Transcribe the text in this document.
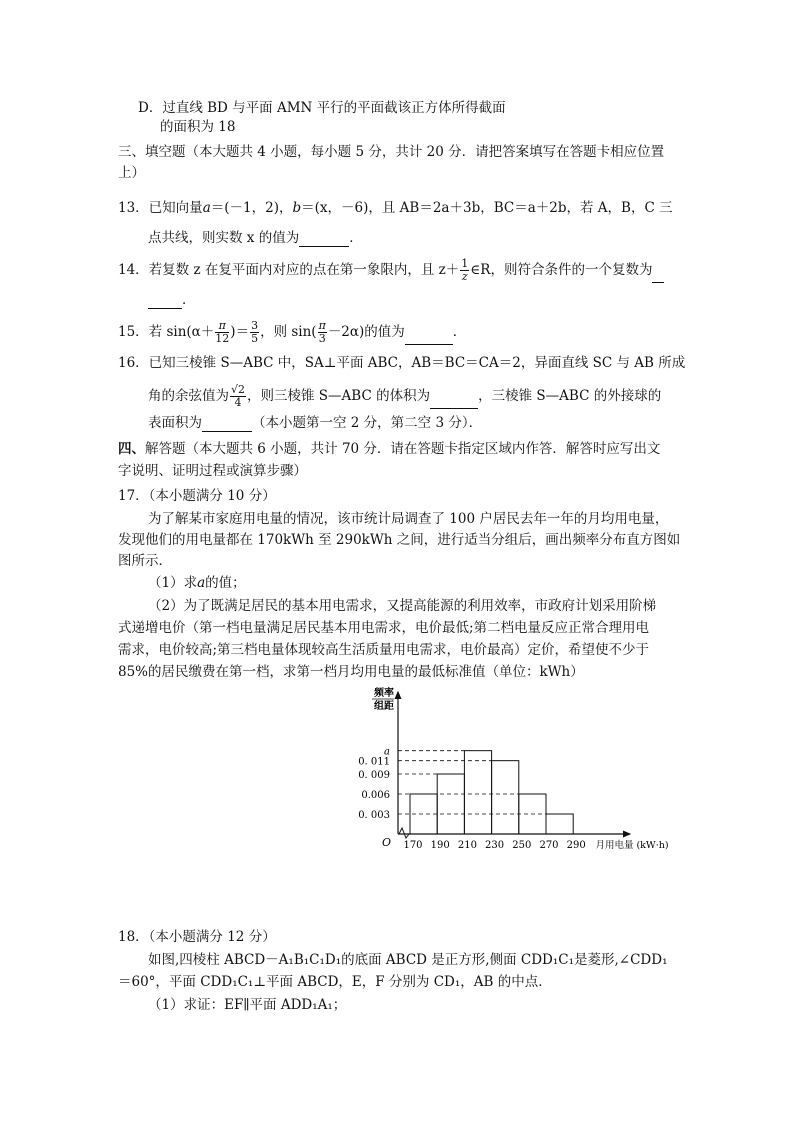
D．过直线 BD 与平面 AMN 平行的平面截该正方体所得截面
的面积为 18
三、填空题（本大题共 4 小题，每小题 5 分，共计 20 分．请把答案填写在答题卡相应位置
上）
13．已知向量a＝(－1，2)，b＝(x，－6)，且 AB＝2a＋3b，BC＝a＋2b，若 A，B，C 三
点共线，则实数 x 的值为	．
14．若复数 z 在复平面内对应的点在第一象限内，且 $z+ \frac{1}{z}$ ∈R，则符合条件的一个复数为
．
15．若 $\sin(\alpha+ \frac{\pi}{12}$ )＝ $\frac{3}{5}$ ，则 $\sin( \frac{\pi}{3} -2\alpha)$的值为	．
16．已知三棱锥 S—ABC 中，SA⊥平面 ABC，AB＝BC＝CA＝2，异面直线 SC 与 AB 所成
角的余弦值为 $\frac{√2}{4}$ ，则三棱锥 S—ABC 的体积为	，三棱锥 S—ABC 的外接球的
表面积为	（本小题第一空 2 分，第二空 3 分）．
四、解答题（本大题共 6 小题，共计 70 分．请在答题卡指定区域内作答．解答时应写出文
字说明、证明过程或演算步骤）
17．（本小题满分 10 分）
为了解某市家庭用电量的情况，该市统计局调查了 100 户居民去年一年的月均用电量，
发现他们的用电量都在 170kWh 至 290kWh 之间，进行适当分组后，画出频率分布直方图如
图所示．
（1）求a的值；
（2）为了既满足居民的基本用电需求，又提高能源的利用效率，市政府计划采用阶梯
式递增电价（第一档电量满足居民基本用电需求，电价最低;第二档电量反应正常合理用电
需求，电价较高;第三档电量体现较高生活质量用电需求，电价最高）定价，希望使不少于
85%的居民缴费在第一档，求第一档月均用电量的最低标准值（单位：kWh）
频率
组距
O
0. 003
0.006
0. 009
0. 011
a
170 190 210 230 250 270 290 月用电量 (kW·h)
18．（本小题满分 12 分）
如图,四棱柱 ABCD－A₁B₁C₁D₁的底面 ABCD 是正方形,侧面 CDD₁C₁是菱形,∠CDD₁
＝60°，平面 CDD₁C₁⊥平面 ABCD，E，F 分别为 CD₁，AB 的中点．
（1）求证：EF∥平面 ADD₁A₁；
